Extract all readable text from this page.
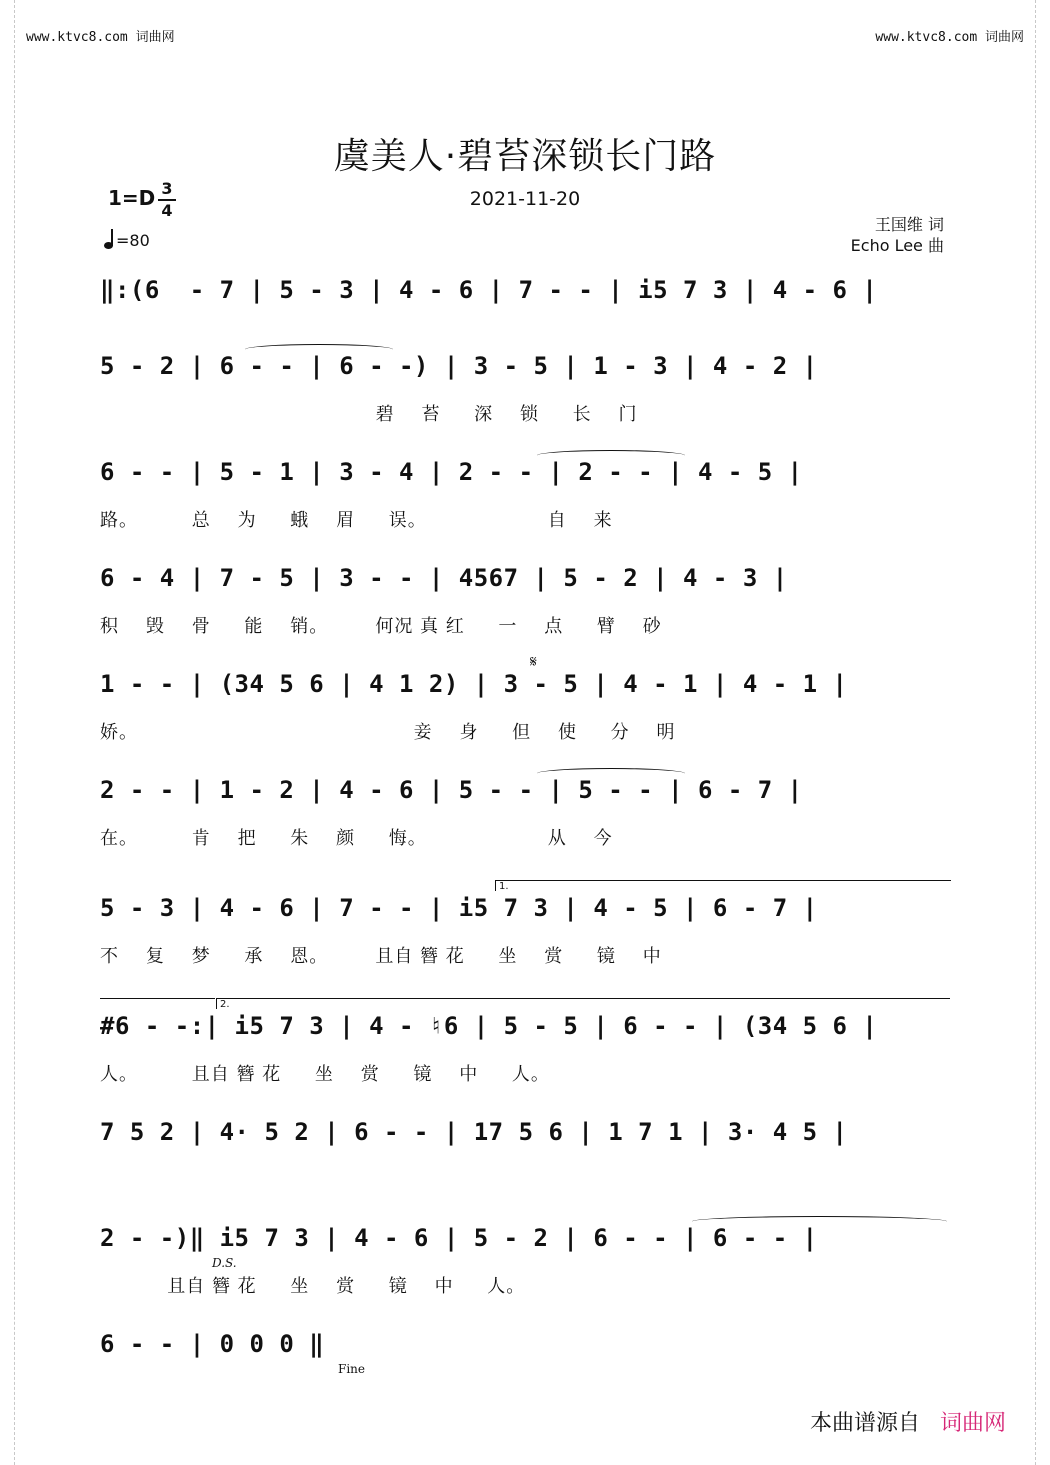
www.ktvc8.com 词曲网	www.ktvc8.com 词曲网
虞美人·碧苔深锁长门路
2021-11-20
1=D 3
4
=80
王国维 词
Echo Lee 曲
‖:(6  - 7 | 5 - 3 | 4 - 6 | 7 - - | i5 7 3 | 4 - 6 |
5 - 2 | 6 - - | 6 - -) | 3 - 5 | 1 - 3 | 4 - 2 |
碧    苔     深    锁     长    门
6 - - | 5 - 1 | 3 - 4 | 2 - - | 2 - - | 4 - 5 |
路。        总    为     蛾    眉     误。                  自    来
6 - 4 | 7 - 5 | 3 - - | 4567 | 5 - 2 | 4 - 3 |
积    毁    骨     能    销。       何况 真 红     一    点     臂    砂
𝄋
1 - - | (34 5 6 | 4 1 2) | 3 - 5 | 4 - 1 | 4 - 1 |
娇。                                         妾    身     但    使     分    明
2 - - | 1 - 2 | 4 - 6 | 5 - - | 5 - - | 6 - 7 |
在。        肯    把     朱    颜     悔。                  从    今
1.
5 - 3 | 4 - 6 | 7 - - | i5 7 3 | 4 - 5 | 6 - 7 |
不    复    梦     承    恩。       且自 簪 花     坐    赏     镜    中
2.
#6 - -:| i5 7 3 | 4 - ♮6 | 5 - 5 | 6 - - | (34 5 6 |
人。        且自 簪 花     坐    赏     镜    中     人。
7 5 2 | 4· 5 2 | 6 - - | 17 5 6 | 1 7 1 | 3· 4 5 |
D.S.
2 - -)‖ i5 7 3 | 4 - 6 | 5 - 2 | 6 - - | 6 - - |
且自 簪 花     坐    赏     镜    中     人。
6 - - | 0 0 0 ‖
Fine
本曲谱源自 词曲网
